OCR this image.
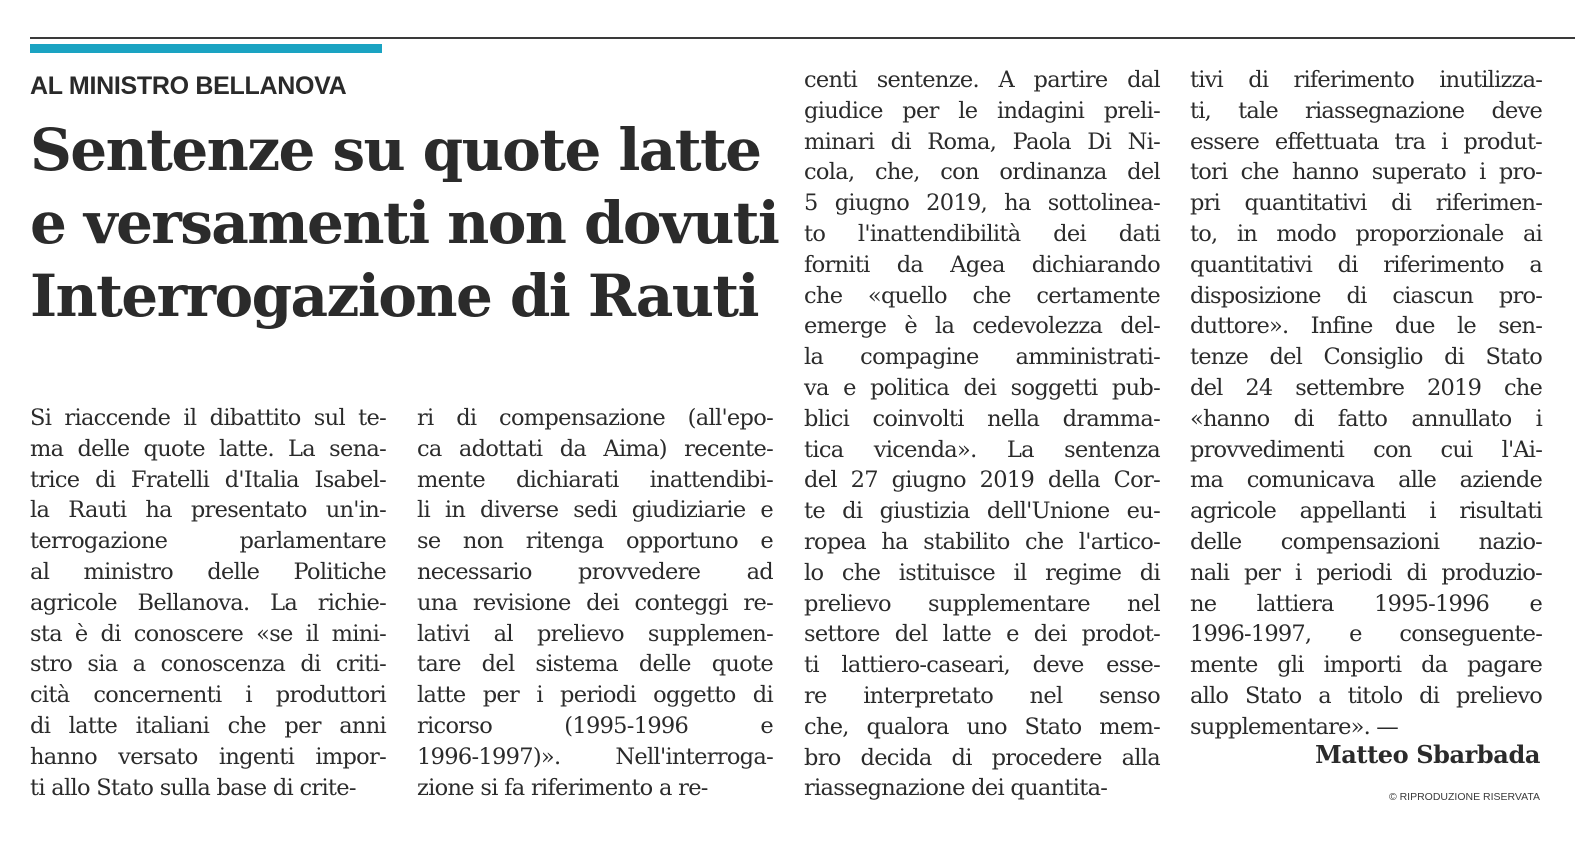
AL MINISTRO BELLANOVA

Sentenze su quote latte
e versamenti non dovuti
Interrogazione di Rauti
Si riaccende il dibattito sul te-
ma delle quote latte. La sena-
trice di Fratelli d'Italia Isabel-
la Rauti ha presentato un'in-
terrogazione parlamentare
al ministro delle Politiche
agricole Bellanova. La richie-
sta è di conoscere «se il mini-
stro sia a conoscenza di criti-
cità concernenti i produttori
di latte italiani che per anni
hanno versato ingenti impor-
ti allo Stato sulla base di crite-
ri di compensazione (all'epo-
ca adottati da Aima) recente-
mente dichiarati inattendibi-
li in diverse sedi giudiziarie e
se non ritenga opportuno e
necessario provvedere ad
una revisione dei conteggi re-
lativi al prelievo supplemen-
tare del sistema delle quote
latte per i periodi oggetto di
ricorso (1995-1996 e
1996-1997)». Nell'interroga-
zione si fa riferimento a re-
centi sentenze. A partire dal
giudice per le indagini preli-
minari di Roma, Paola Di Ni-
cola, che, con ordinanza del
5 giugno 2019, ha sottolinea-
to l'inattendibilità dei dati
forniti da Agea dichiarando
che «quello che certamente
emerge è la cedevolezza del-
la compagine amministrati-
va e politica dei soggetti pub-
blici coinvolti nella dramma-
tica vicenda». La sentenza
del 27 giugno 2019 della Cor-
te di giustizia dell'Unione eu-
ropea ha stabilito che l'artico-
lo che istituisce il regime di
prelievo supplementare nel
settore del latte e dei prodot-
ti lattiero-caseari, deve esse-
re interpretato nel senso
che, qualora uno Stato mem-
bro decida di procedere alla
riassegnazione dei quantita-
tivi di riferimento inutilizza-
ti, tale riassegnazione deve
essere effettuata tra i produt-
tori che hanno superato i pro-
pri quantitativi di riferimen-
to, in modo proporzionale ai
quantitativi di riferimento a
disposizione di ciascun pro-
duttore». Infine due le sen-
tenze del Consiglio di Stato
del 24 settembre 2019 che
«hanno di fatto annullato i
provvedimenti con cui l'Ai-
ma comunicava alle aziende
agricole appellanti i risultati
delle compensazioni nazio-
nali per i periodi di produzio-
ne lattiera 1995-1996 e
1996-1997, e conseguente-
mente gli importi da pagare
allo Stato a titolo di prelievo
supplementare». —

Matteo Sbarbada

© RIPRODUZIONE RISERVATA
